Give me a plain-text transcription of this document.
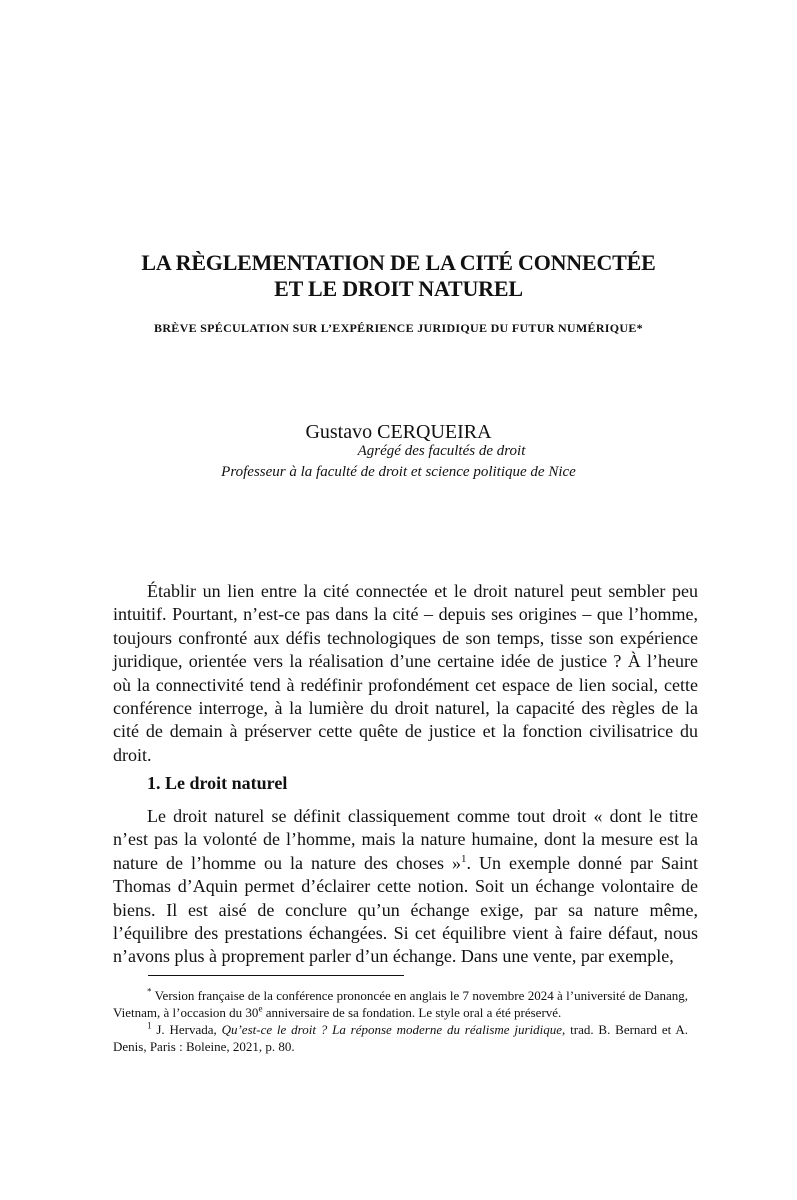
LA RÈGLEMENTATION DE LA CITÉ CONNECTÉE
ET LE DROIT NATUREL

BRÈVE SPÉCULATION SUR L’EXPÉRIENCE JURIDIQUE DU FUTUR NUMÉRIQUE*

Gustavo CERQUEIRA

Agrégé des facultés de droit

Professeur à la faculté de droit et science politique de Nice

Établir un lien entre la cité connectée et le droit naturel peut sembler peu intuitif. Pourtant, n’est-ce pas dans la cité – depuis ses origines – que l’homme, toujours confronté aux défis technologiques de son temps, tisse son expérience juridique, orientée vers la réalisation d’une certaine idée de justice ? À l’heure où la connectivité tend à redéfinir profondément cet espace de lien social, cette conférence interroge, à la lumière du droit naturel, la capacité des règles de la cité de demain à préserver cette quête de justice et la fonction civilisatrice du droit.

1. Le droit naturel

Le droit naturel se définit classiquement comme tout droit « dont le titre n’est pas la volonté de l’homme, mais la nature humaine, dont la mesure est la nature de l’homme ou la nature des choses »$^1$. Un exemple donné par Saint Thomas d’Aquin permet d’éclairer cette notion. Soit un échange volontaire de biens. Il est aisé de conclure qu’un échange exige, par sa nature même, l’équilibre des prestations échangées. Si cet équilibre vient à faire défaut, nous n’avons plus à proprement parler d’un échange. Dans une vente, par exemple,

* Version française de la conférence prononcée en anglais le 7 novembre 2024 à l’université de Danang, Vietnam, à l’occasion du 30e anniversaire de sa fondation. Le style oral a été préservé.

$^1$ J. Hervada, Qu’est-ce le droit ? La réponse moderne du réalisme juridique, trad. B. Bernard et A. Denis, Paris : Boleine, 2021, p. 80.
